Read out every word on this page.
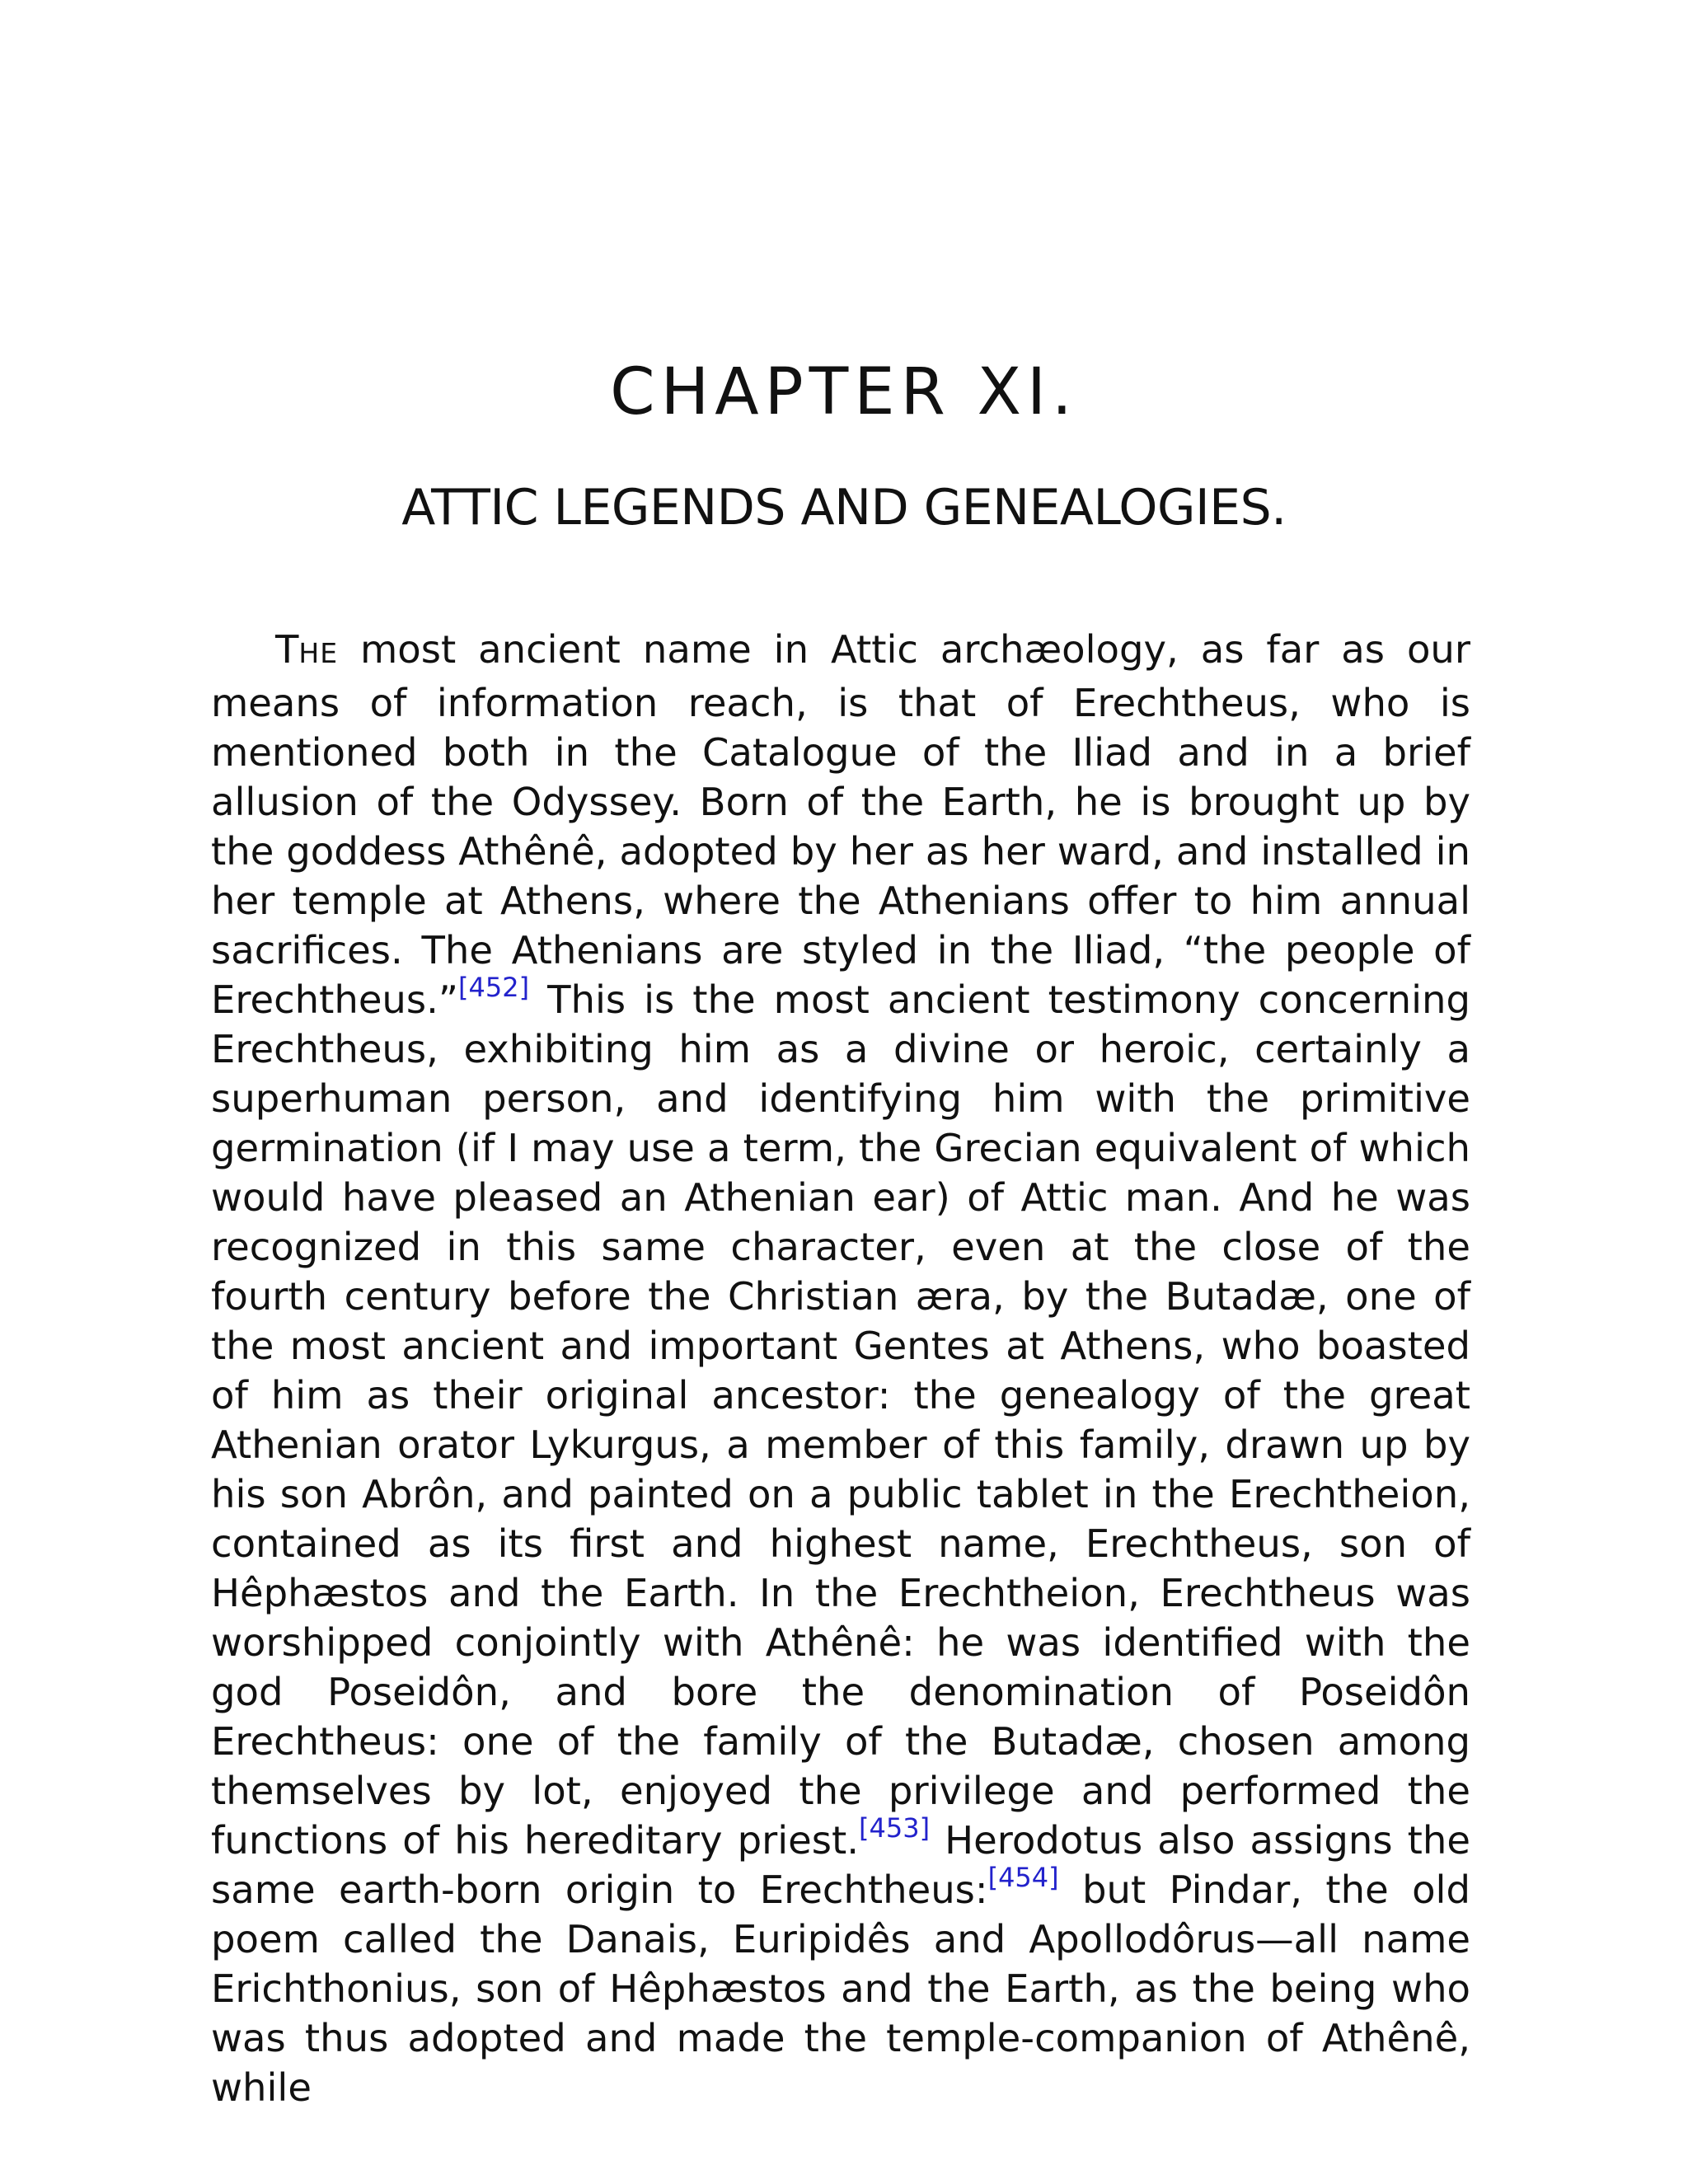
CHAPTER XI.
ATTIC LEGENDS AND GENEALOGIES.

THE most ancient name in Attic archæology, as far as our means of information reach, is that of Erechtheus, who is mentioned both in the Catalogue of the Iliad and in a brief allusion of the Odyssey. Born of the Earth, he is brought up by the goddess Athênê, adopted by her as her ward, and installed in her temple at Athens, where the Athenians offer to him annual sacrifices. The Athenians are styled in the Iliad, “the people of Erechtheus.”[452] This is the most ancient testimony concerning Erechtheus, exhibiting him as a divine or heroic, certainly a superhuman person, and identifying him with the primitive germination (if I may use a term, the Grecian equivalent of which would have pleased an Athenian ear) of Attic man. And he was recognized in this same character, even at the close of the fourth century before the Christian æra, by the Butadæ, one of the most ancient and important Gentes at Athens, who boasted of him as their original ancestor: the genealogy of the great Athenian orator Lykurgus, a member of this family, drawn up by his son Abrôn, and painted on a public tablet in the Erechtheion, contained as its first and highest name, Erechtheus, son of Hêphæstos and the Earth. In the Erechtheion, Erechtheus was worshipped conjointly with Athênê: he was identified with the god Poseidôn, and bore the denomination of Poseidôn Erechtheus: one of the family of the Butadæ, chosen among themselves by lot, enjoyed the privilege and performed the functions of his hereditary priest.[453] Herodotus also assigns the same earth-born origin to Erechtheus:[454] but Pindar, the old poem called the Danais, Euripidês and Apollodôrus—all name Erichthonius, son of Hêphæstos and the Earth, as the being who was thus adopted and made the temple-companion of Athênê, while
